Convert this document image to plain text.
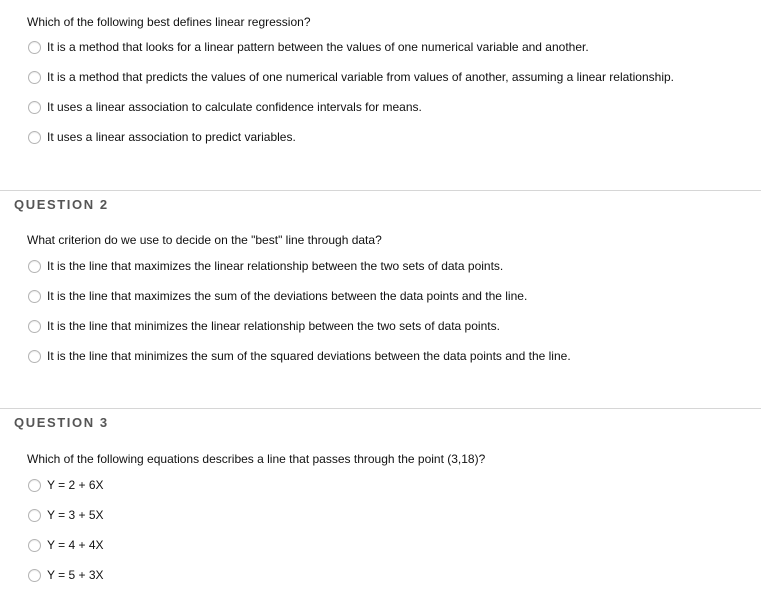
Which of the following best defines linear regression?
It is a method that looks for a linear pattern between the values of one numerical variable and another.
It is a method that predicts the values of one numerical variable from values of another, assuming a linear relationship.
It uses a linear association to calculate confidence intervals for means.
It uses a linear association to predict variables.
QUESTION 2
What criterion do we use to decide on the "best" line through data?
It is the line that maximizes the linear relationship between the two sets of data points.
It is the line that maximizes the sum of the deviations between the data points and the line.
It is the line that minimizes the linear relationship between the two sets of data points.
It is the line that minimizes the sum of the squared deviations between the data points and the line.
QUESTION 3
Which of the following equations describes a line that passes through the point (3,18)?
Y = 2 + 6X
Y = 3 + 5X
Y = 4 + 4X
Y = 5 + 3X
